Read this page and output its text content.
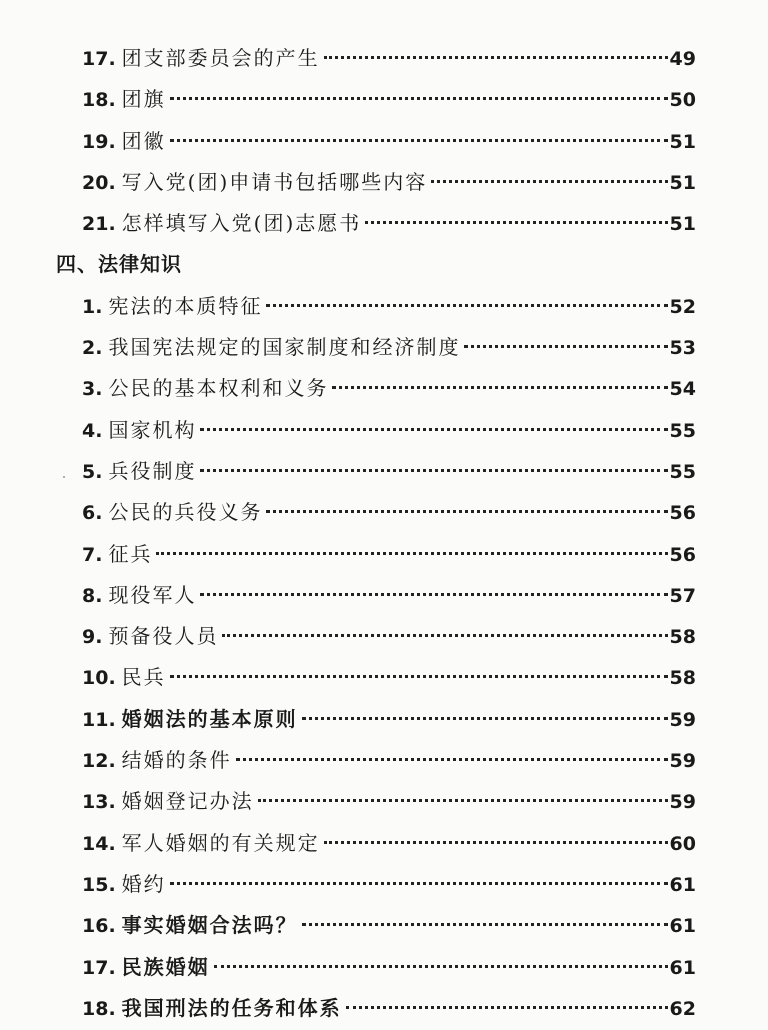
17. 团支部委员会的产生	49
18. 团旗	50
19. 团徽	51
20. 写入党(团)申请书包括哪些内容	51
21. 怎样填写入党(团)志愿书	51
四、法律知识
1. 宪法的本质特征	52
2. 我国宪法规定的国家制度和经济制度	53
3. 公民的基本权利和义务	54
4. 国家机构	55
5. 兵役制度	55
6. 公民的兵役义务	56
7. 征兵	56
8. 现役军人	57
9. 预备役人员	58
10. 民兵	58
11. 婚姻法的基本原则	59
12. 结婚的条件	59
13. 婚姻登记办法	59
14. 军人婚姻的有关规定	60
15. 婚约	61
16. 事实婚姻合法吗？	61
17. 民族婚姻	61
18. 我国刑法的任务和体系	62
